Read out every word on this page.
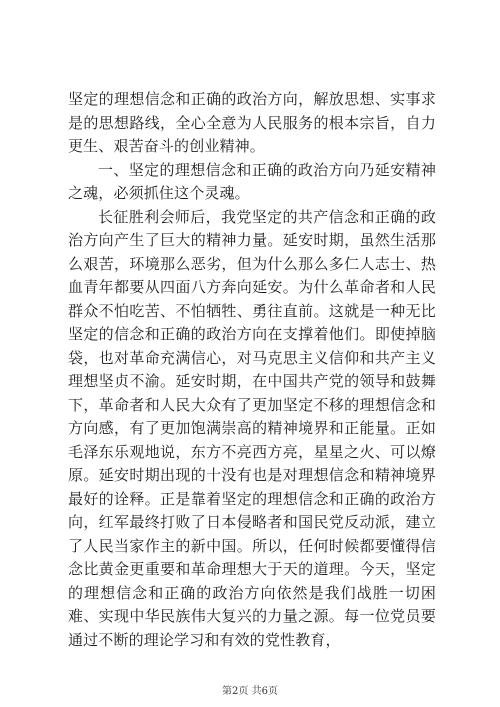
坚定的理想信念和正确的政治方向，解放思想、实事求是的思想路线，全心全意为人民服务的根本宗旨，自力更生、艰苦奋斗的创业精神。

一、坚定的理想信念和正确的政治方向乃延安精神之魂，必须抓住这个灵魂。

长征胜利会师后，我党坚定的共产信念和正确的政治方向产生了巨大的精神力量。延安时期，虽然生活那么艰苦，环境那么恶劣，但为什么那么多仁人志士、热血青年都要从四面八方奔向延安。为什么革命者和人民群众不怕吃苦、不怕牺牲、勇往直前。这就是一种无比坚定的信念和正确的政治方向在支撑着他们。即使掉脑袋，也对革命充满信心，对马克思主义信仰和共产主义理想坚贞不渝。延安时期，在中国共产党的领导和鼓舞下，革命者和人民大众有了更加坚定不移的理想信念和方向感，有了更加饱满崇高的精神境界和正能量。正如毛泽东乐观地说，东方不亮西方亮，星星之火、可以燎原。延安时期出现的十没有也是对理想信念和精神境界最好的诠释。正是靠着坚定的理想信念和正确的政治方向，红军最终打败了日本侵略者和国民党反动派，建立了人民当家作主的新中国。所以，任何时候都要懂得信念比黄金更重要和革命理想大于天的道理。今天，坚定的理想信念和正确的政治方向依然是我们战胜一切困难、实现中华民族伟大复兴的力量之源。每一位党员要通过不断的理论学习和有效的党性教育，

第2页 共6页
